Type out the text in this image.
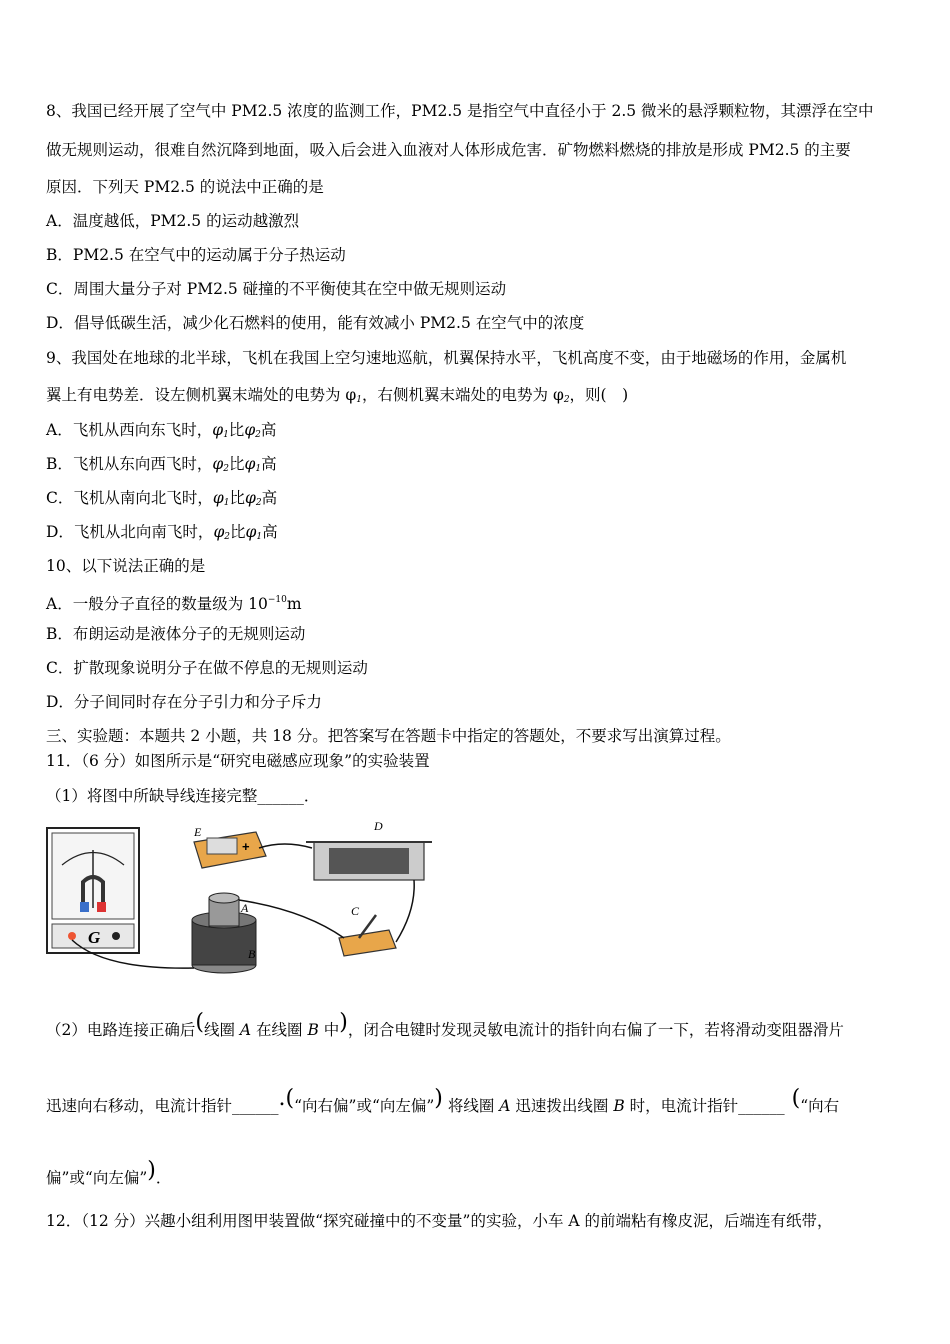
8、我国已经开展了空气中 PM2.5 浓度的监测工作，PM2.5 是指空气中直径小于 2.5 微米的悬浮颗粒物，其漂浮在空中
做无规则运动，很难自然沉降到地面，吸入后会进入血液对人体形成危害．矿物燃料燃烧的排放是形成 PM2.5 的主要
原因．下列天 PM2.5 的说法中正确的是
A．温度越低，PM2.5 的运动越激烈
B．PM2.5 在空气中的运动属于分子热运动
C．周围大量分子对 PM2.5 碰撞的不平衡使其在空中做无规则运动
D．倡导低碳生活，减少化石燃料的使用，能有效减小 PM2.5 在空气中的浓度
9、我国处在地球的北半球，飞机在我国上空匀速地巡航，机翼保持水平，飞机高度不变，由于地磁场的作用，金属机
翼上有电势差．设左侧机翼末端处的电势为 $\varphi_1$，右侧机翼末端处的电势为 $\varphi_2$，则(　)
A．飞机从西向东飞时，$\varphi_1$比$\varphi_2$高
B．飞机从东向西飞时，$\varphi_2$比$\varphi_1$高
C．飞机从南向北飞时，$\varphi_1$比$\varphi_2$高
D．飞机从北向南飞时，$\varphi_2$比$\varphi_1$高
10、以下说法正确的是
A．一般分子直径的数量级为 $10^{-10}m$
B．布朗运动是液体分子的无规则运动
C．扩散现象说明分子在做不停息的无规则运动
D．分子间同时存在分子引力和分子斥力
三、实验题：本题共 2 小题，共 18 分。把答案写在答题卡中指定的答题处，不要求写出演算过程。
11．（6 分）如图所示是“研究电磁感应现象”的实验装置
（1）将图中所缺导线连接完整______．
G
E
+
D
C
A
B
（2）电路连接正确后(线圈 A 在线圈 B 中)，闭合电键时发现灵敏电流计的指针向右偏了一下，若将滑动变阻器滑片
迅速向右移动，电流计指针______.(“向右偏”或“向左偏”) 将线圈 A 迅速拨出线圈 B 时，电流计指针______ (“向右
偏”或“向左偏”)．
12．（12 分）兴趣小组利用图甲装置做“探究碰撞中的不变量”的实验，小车 A 的前端粘有橡皮泥，后端连有纸带，
